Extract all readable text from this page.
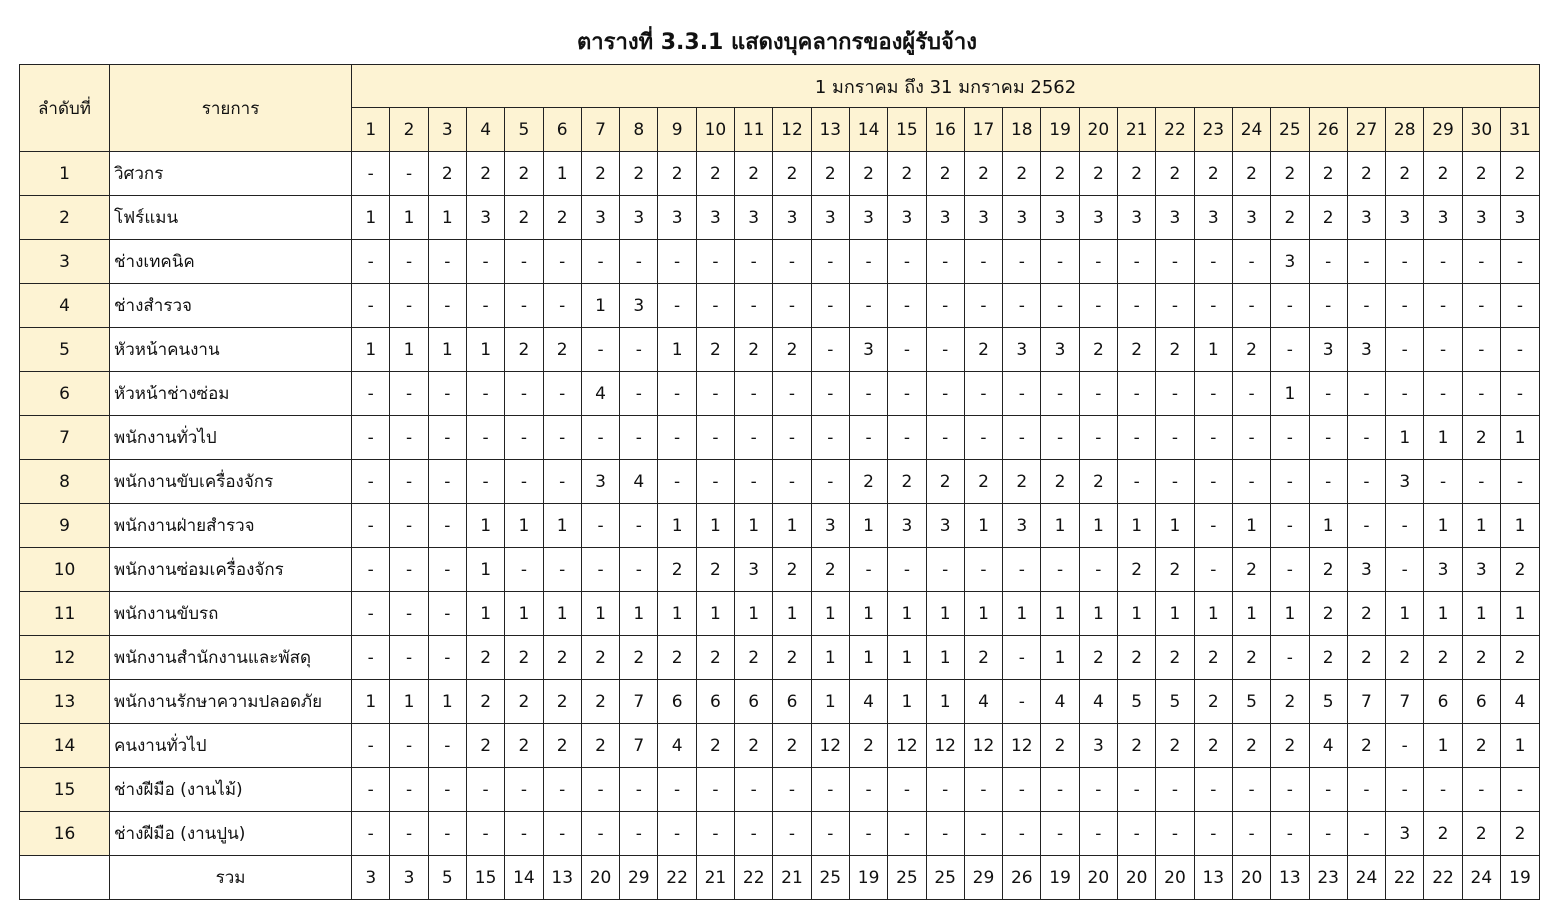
ตารางที่ 3.3.1 แสดงบุคลากรของผู้รับจ้าง
ลำดับที่	รายการ	1 มกราคม ถึง 31 มกราคม 2562																														
		1	2	3	4	5	6	7	8	9	10	11	12	13	14	15	16	17	18	19	20	21	22	23	24	25	26	27	28	29	30	31
1	วิศวกร	-	-	2	2	2	1	2	2	2	2	2	2	2	2	2	2	2	2	2	2	2	2	2	2	2	2	2	2	2	2	2
2	โฟร์แมน	1	1	1	3	2	2	3	3	3	3	3	3	3	3	3	3	3	3	3	3	3	3	3	3	2	2	3	3	3	3	3
3	ช่างเทคนิค	-	-	-	-	-	-	-	-	-	-	-	-	-	-	-	-	-	-	-	-	-	-	-	-	3	-	-	-	-	-	-
4	ช่างสำรวจ	-	-	-	-	-	-	1	3	-	-	-	-	-	-	-	-	-	-	-	-	-	-	-	-	-	-	-	-	-	-	-
5	หัวหน้าคนงาน	1	1	1	1	2	2	-	-	1	2	2	2	-	3	-	-	2	3	3	2	2	2	1	2	-	3	3	-	-	-	-
6	หัวหน้าช่างซ่อม	-	-	-	-	-	-	4	-	-	-	-	-	-	-	-	-	-	-	-	-	-	-	-	-	1	-	-	-	-	-	-
7	พนักงานทั่วไป	-	-	-	-	-	-	-	-	-	-	-	-	-	-	-	-	-	-	-	-	-	-	-	-	-	-	-	1	1	2	1
8	พนักงานขับเครื่องจักร	-	-	-	-	-	-	3	4	-	-	-	-	-	2	2	2	2	2	2	2	-	-	-	-	-	-	-	3	-	-	-
9	พนักงานฝ่ายสำรวจ	-	-	-	1	1	1	-	-	1	1	1	1	3	1	3	3	1	3	1	1	1	1	-	1	-	1	-	-	1	1	1
10	พนักงานซ่อมเครื่องจักร	-	-	-	1	-	-	-	-	2	2	3	2	2	-	-	-	-	-	-	-	2	2	-	2	-	2	3	-	3	3	2
11	พนักงานขับรถ	-	-	-	1	1	1	1	1	1	1	1	1	1	1	1	1	1	1	1	1	1	1	1	1	1	2	2	1	1	1	1
12	พนักงานสำนักงานและพัสดุ	-	-	-	2	2	2	2	2	2	2	2	2	1	1	1	1	2	-	1	2	2	2	2	2	-	2	2	2	2	2	2
13	พนักงานรักษาความปลอดภัย	1	1	1	2	2	2	2	7	6	6	6	6	1	4	1	1	4	-	4	4	5	5	2	5	2	5	7	7	6	6	4
14	คนงานทั่วไป	-	-	-	2	2	2	2	7	4	2	2	2	12	2	12	12	12	12	2	3	2	2	2	2	2	4	2	-	1	2	1
15	ช่างฝีมือ (งานไม้)	-	-	-	-	-	-	-	-	-	-	-	-	-	-	-	-	-	-	-	-	-	-	-	-	-	-	-	-	-	-	-
16	ช่างฝีมือ (งานปูน)	-	-	-	-	-	-	-	-	-	-	-	-	-	-	-	-	-	-	-	-	-	-	-	-	-	-	-	3	2	2	2
	รวม	3	3	5	15	14	13	20	29	22	21	22	21	25	19	25	25	29	26	19	20	20	20	13	20	13	23	24	22	22	24	19
